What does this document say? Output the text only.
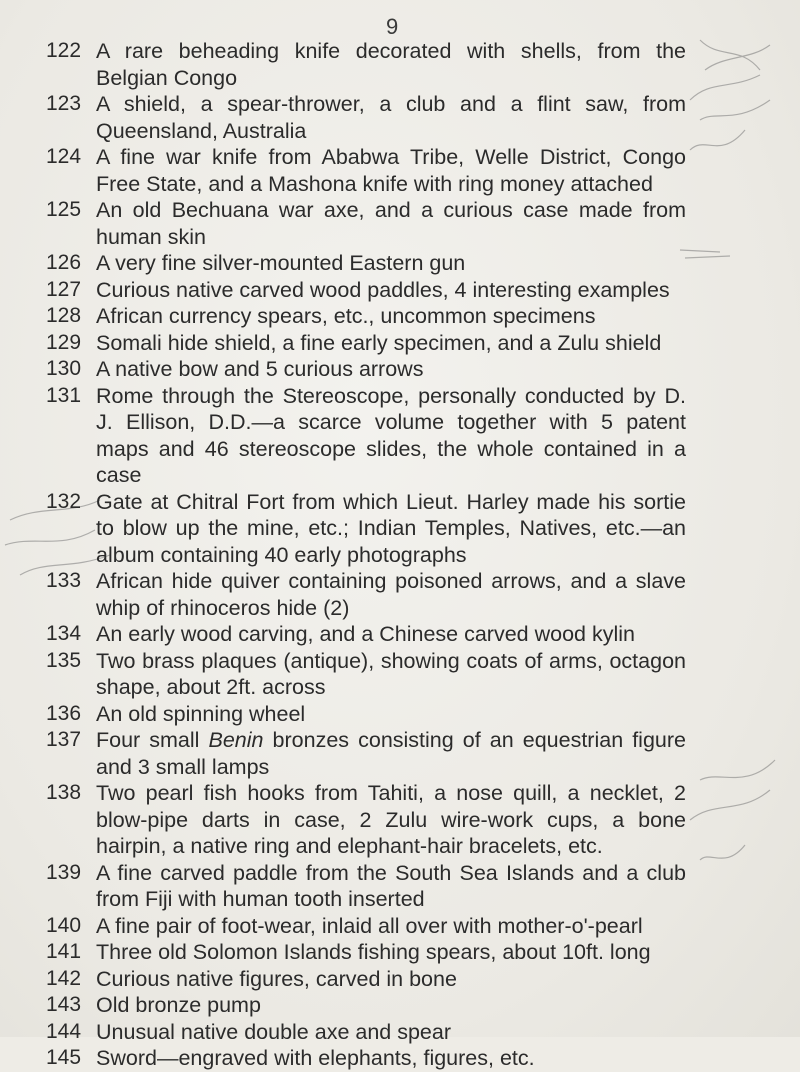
9
122 A rare beheading knife decorated with shells, from the Belgian Congo
123 A shield, a spear-thrower, a club and a flint saw, from Queensland, Australia
124 A fine war knife from Ababwa Tribe, Welle District, Congo Free State, and a Mashona knife with ring money attached
125 An old Bechuana war axe, and a curious case made from human skin
126 A very fine silver-mounted Eastern gun
127 Curious native carved wood paddles, 4 interesting examples
128 African currency spears, etc., uncommon specimens
129 Somali hide shield, a fine early specimen, and a Zulu shield
130 A native bow and 5 curious arrows
131 Rome through the Stereoscope, personally conducted by D. J. Ellison, D.D.—a scarce volume together with 5 patent maps and 46 stereoscope slides, the whole contained in a case
132 Gate at Chitral Fort from which Lieut. Harley made his sortie to blow up the mine, etc.; Indian Temples, Natives, etc.—an album containing 40 early photographs
133 African hide quiver containing poisoned arrows, and a slave whip of rhinoceros hide (2)
134 An early wood carving, and a Chinese carved wood kylin
135 Two brass plaques (antique), showing coats of arms, octagon shape, about 2ft. across
136 An old spinning wheel
137 Four small Benin bronzes consisting of an equestrian figure and 3 small lamps
138 Two pearl fish hooks from Tahiti, a nose quill, a necklet, 2 blow-pipe darts in case, 2 Zulu wire-work cups, a bone hairpin, a native ring and elephant-hair bracelets, etc.
139 A fine carved paddle from the South Sea Islands and a club from Fiji with human tooth inserted
140 A fine pair of foot-wear, inlaid all over with mother-o'-pearl
141 Three old Solomon Islands fishing spears, about 10ft. long
142 Curious native figures, carved in bone
143 Old bronze pump
144 Unusual native double axe and spear
145 Sword—engraved with elephants, figures, etc.
